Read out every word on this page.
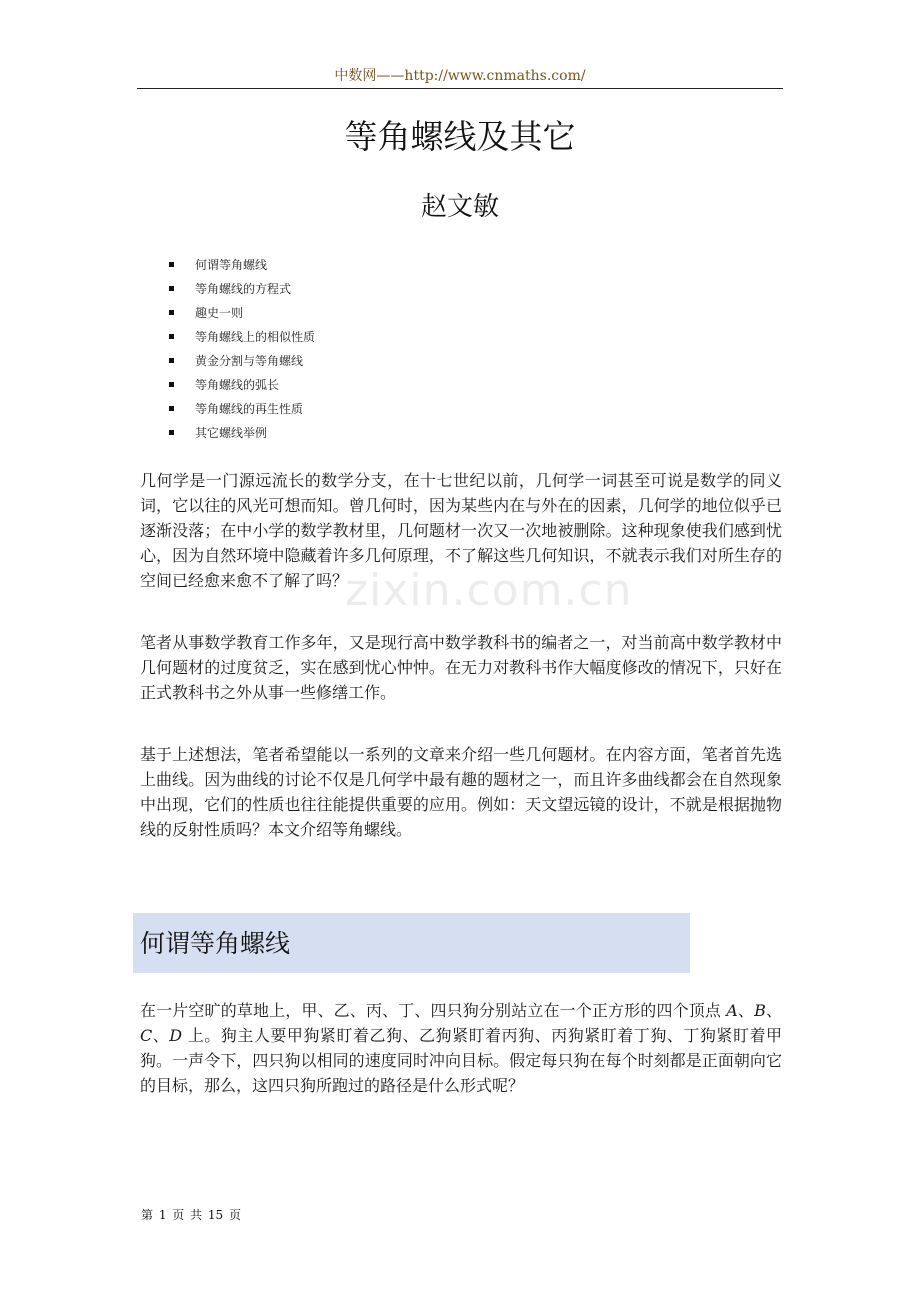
中数网——http://www.cnmaths.com/
等角螺线及其它
赵文敏
何谓等角螺线
等角螺线的方程式
趣史一则
等角螺线上的相似性质
黄金分割与等角螺线
等角螺线的弧长
等角螺线的再生性质
其它螺线举例

几何学是一门源远流长的数学分支，在十七世纪以前，几何学一词甚至可说是数学的同义词，它以往的风光可想而知。曾几何时，因为某些内在与外在的因素，几何学的地位似乎已逐渐没落；在中小学的数学教材里，几何题材一次又一次地被删除。这种现象使我们感到忧心，因为自然环境中隐藏着许多几何原理，不了解这些几何知识，不就表示我们对所生存的空间已经愈来愈不了解了吗？

笔者从事数学教育工作多年，又是现行高中数学教科书的编者之一，对当前高中数学教材中几何题材的过度贫乏，实在感到忧心忡忡。在无力对教科书作大幅度修改的情况下，只好在正式教科书之外从事一些修缮工作。

基于上述想法，笔者希望能以一系列的文章来介绍一些几何题材。在内容方面，笔者首先选上曲线。因为曲线的讨论不仅是几何学中最有趣的题材之一，而且许多曲线都会在自然现象中出现，它们的性质也往往能提供重要的应用。例如：天文望远镜的设计，不就是根据抛物线的反射性质吗？本文介绍等角螺线。

zixin.com.cn
何谓等角螺线

在一片空旷的草地上，甲、乙、丙、丁、四只狗分别站立在一个正方形的四个顶点 A、B、C、D 上。狗主人要甲狗紧盯着乙狗、乙狗紧盯着丙狗、丙狗紧盯着丁狗、丁狗紧盯着甲狗。一声令下，四只狗以相同的速度同时冲向目标。假定每只狗在每个时刻都是正面朝向它的目标，那么，这四只狗所跑过的路径是什么形式呢？

第 1 页 共 15 页
